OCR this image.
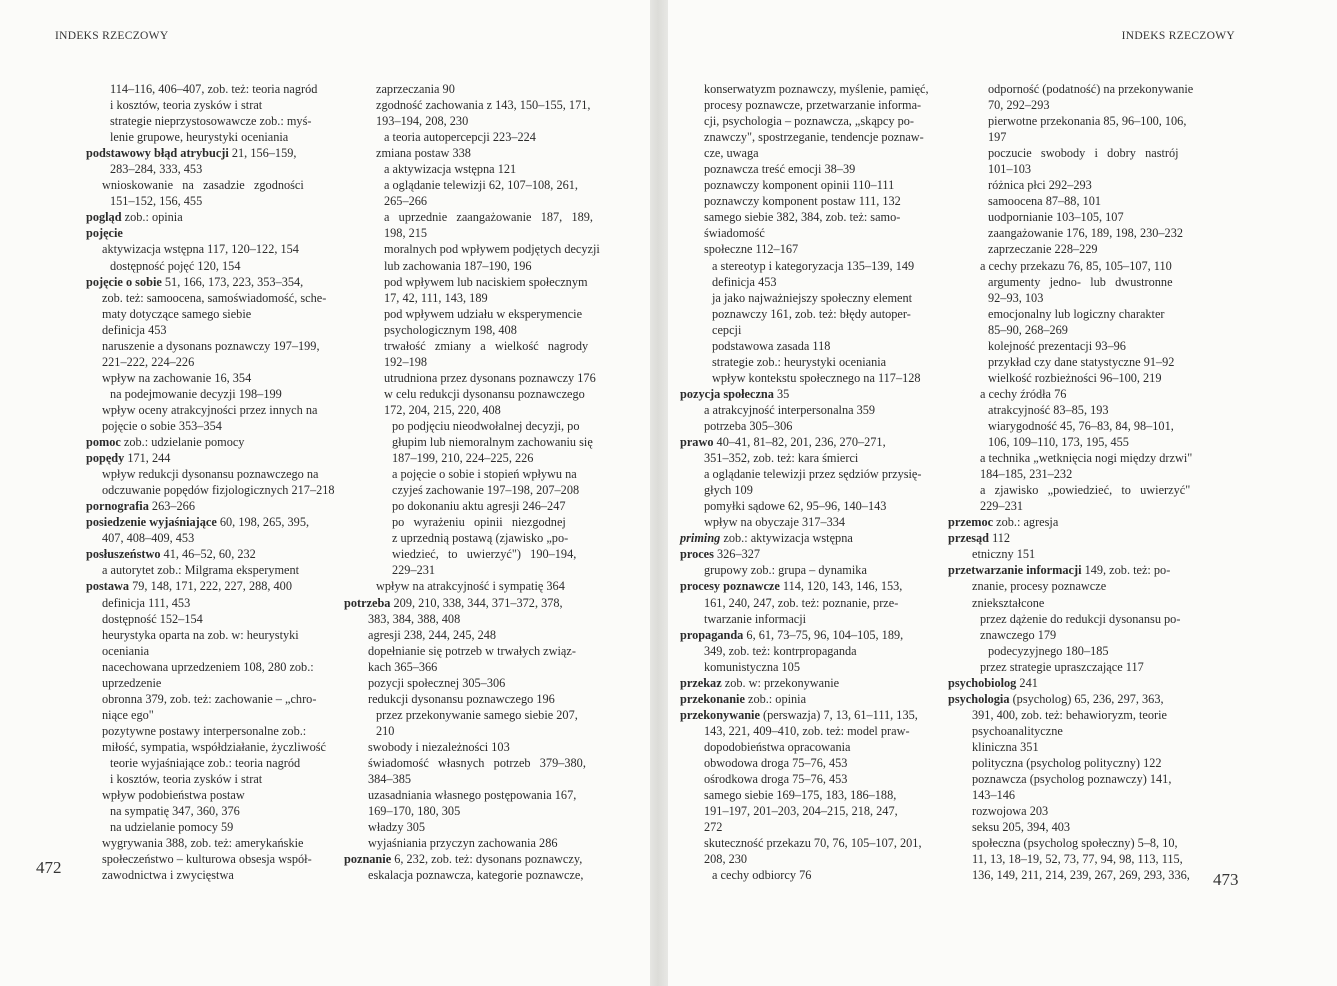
INDEKS RZECZOWY
114–116, 406–407, zob. też: teoria nagród
i kosztów, teoria zysków i strat
strategie nieprzystosowawcze zob.: myś-
lenie grupowe, heurystyki oceniania
podstawowy błąd atrybucji 21, 156–159,
283–284, 333, 453
wnioskowanie   na   zasadzie   zgodności
151–152, 156, 455
pogląd zob.: opinia
pojęcie
aktywizacja wstępna 117, 120–122, 154
dostępność pojęć 120, 154
pojęcie o sobie 51, 166, 173, 223, 353–354,
zob. też: samoocena, samoświadomość, sche-
maty dotyczące samego siebie
definicja 453
naruszenie a dysonans poznawczy 197–199,
221–222, 224–226
wpływ na zachowanie 16, 354
na podejmowanie decyzji 198–199
wpływ oceny atrakcyjności przez innych na
pojęcie o sobie 353–354
pomoc zob.: udzielanie pomocy
popędy 171, 244
wpływ redukcji dysonansu poznawczego na
odczuwanie popędów fizjologicznych 217–218
pornografia 263–266
posiedzenie wyjaśniające 60, 198, 265, 395,
407, 408–409, 453
posłuszeństwo 41, 46–52, 60, 232
a autorytet zob.: Milgrama eksperyment
postawa 79, 148, 171, 222, 227, 288, 400
definicja 111, 453
dostępność 152–154
heurystyka oparta na zob. w: heurystyki
oceniania
nacechowana uprzedzeniem 108, 280 zob.:
uprzedzenie
obronna 379, zob. też: zachowanie – „chro-
niące ego"
pozytywne postawy interpersonalne zob.:
miłość, sympatia, współdziałanie, życzliwość
teorie wyjaśniające zob.: teoria nagród
i kosztów, teoria zysków i strat
wpływ podobieństwa postaw
na sympatię 347, 360, 376
na udzielanie pomocy 59
wygrywania 388, zob. też: amerykańskie
społeczeństwo – kulturowa obsesja współ-
zawodnictwa i zwycięstwa
zaprzeczania 90
zgodność zachowania z 143, 150–155, 171,
193–194, 208, 230
a teoria autopercepcji 223–224
zmiana postaw 338
a aktywizacja wstępna 121
a oglądanie telewizji 62, 107–108, 261,
265–266
a   uprzednie   zaangażowanie   187,   189,
198, 215
moralnych pod wpływem podjętych decyzji
lub zachowania 187–190, 196
pod wpływem lub naciskiem społecznym
17, 42, 111, 143, 189
pod wpływem udziału w eksperymencie
psychologicznym 198, 408
trwałość   zmiany   a   wielkość   nagrody
192–198
utrudniona przez dysonans poznawczy 176
w celu redukcji dysonansu poznawczego
172, 204, 215, 220, 408
po podjęciu nieodwołalnej decyzji, po
głupim lub niemoralnym zachowaniu się
187–199, 210, 224–225, 226
a pojęcie o sobie i stopień wpływu na
czyjeś zachowanie 197–198, 207–208
po dokonaniu aktu agresji 246–247
po   wyrażeniu   opinii   niezgodnej
z uprzednią postawą (zjawisko „po-
wiedzieć,   to   uwierzyć")   190–194,
229–231
wpływ na atrakcyjność i sympatię 364
potrzeba 209, 210, 338, 344, 371–372, 378,
383, 384, 388, 408
agresji 238, 244, 245, 248
dopełnianie się potrzeb w trwałych związ-
kach 365–366
pozycji społecznej 305–306
redukcji dysonansu poznawczego 196
przez przekonywanie samego siebie 207,
210
swobody i niezależności 103
świadomość   własnych   potrzeb   379–380,
384–385
uzasadniania własnego postępowania 167,
169–170, 180, 305
władzy 305
wyjaśniania przyczyn zachowania 286
poznanie 6, 232, zob. też: dysonans poznawczy,
eskalacja poznawcza, kategorie poznawcze,
472
INDEKS RZECZOWY
konserwatyzm poznawczy, myślenie, pamięć,
procesy poznawcze, przetwarzanie informa-
cji, psychologia – poznawcza, „skąpcy po-
znawczy", spostrzeganie, tendencje poznaw-
cze, uwaga
poznawcza treść emocji 38–39
poznawczy komponent opinii 110–111
poznawczy komponent postaw 111, 132
samego siebie 382, 384, zob. też: samo-
świadomość
społeczne 112–167
a stereotyp i kategoryzacja 135–139, 149
definicja 453
ja jako najważniejszy społeczny element
poznawczy 161, zob. też: błędy autoper-
cepcji
podstawowa zasada 118
strategie zob.: heurystyki oceniania
wpływ kontekstu społecznego na 117–128
pozycja społeczna 35
a atrakcyjność interpersonalna 359
potrzeba 305–306
prawo 40–41, 81–82, 201, 236, 270–271,
351–352, zob. też: kara śmierci
a oglądanie telewizji przez sędziów przysię-
głych 109
pomyłki sądowe 62, 95–96, 140–143
wpływ na obyczaje 317–334
priming zob.: aktywizacja wstępna
proces 326–327
grupowy zob.: grupa – dynamika
procesy poznawcze 114, 120, 143, 146, 153,
161, 240, 247, zob. też: poznanie, prze-
twarzanie informacji
propaganda 6, 61, 73–75, 96, 104–105, 189,
349, zob. też: kontrpropaganda
komunistyczna 105
przekaz zob. w: przekonywanie
przekonanie zob.: opinia
przekonywanie (perswazja) 7, 13, 61–111, 135,
143, 221, 409–410, zob. też: model praw-
dopodobieństwa opracowania
obwodowa droga 75–76, 453
ośrodkowa droga 75–76, 453
samego siebie 169–175, 183, 186–188,
191–197, 201–203, 204–215, 218, 247,
272
skuteczność przekazu 70, 76, 105–107, 201,
208, 230
a cechy odbiorcy 76
odporność (podatność) na przekonywanie
70, 292–293
pierwotne przekonania 85, 96–100, 106,
197
poczucie   swobody   i   dobry   nastrój
101–103
różnica płci 292–293
samoocena 87–88, 101
uodpornianie 103–105, 107
zaangażowanie 176, 189, 198, 230–232
zaprzeczanie 228–229
a cechy przekazu 76, 85, 105–107, 110
argumenty   jedno-   lub   dwustronne
92–93, 103
emocjonalny lub logiczny charakter
85–90, 268–269
kolejność prezentacji 93–96
przykład czy dane statystyczne 91–92
wielkość rozbieżności 96–100, 219
a cechy źródła 76
atrakcyjność 83–85, 193
wiarygodność 45, 76–83, 84, 98–101,
106, 109–110, 173, 195, 455
a technika „wetknięcia nogi między drzwi"
184–185, 231–232
a   zjawisko   „powiedzieć,   to   uwierzyć"
229–231
przemoc zob.: agresja
przesąd 112
etniczny 151
przetwarzanie informacji 149, zob. też: po-
znanie, procesy poznawcze
zniekształcone
przez dążenie do redukcji dysonansu po-
znawczego 179
podecyzyjnego 180–185
przez strategie upraszczające 117
psychobiolog 241
psychologia (psycholog) 65, 236, 297, 363,
391, 400, zob. też: behawioryzm, teorie
psychoanalityczne
kliniczna 351
polityczna (psycholog polityczny) 122
poznawcza (psycholog poznawczy) 141,
143–146
rozwojowa 203
seksu 205, 394, 403
społeczna (psycholog społeczny) 5–8, 10,
11, 13, 18–19, 52, 73, 77, 94, 98, 113, 115,
136, 149, 211, 214, 239, 267, 269, 293, 336,	473
